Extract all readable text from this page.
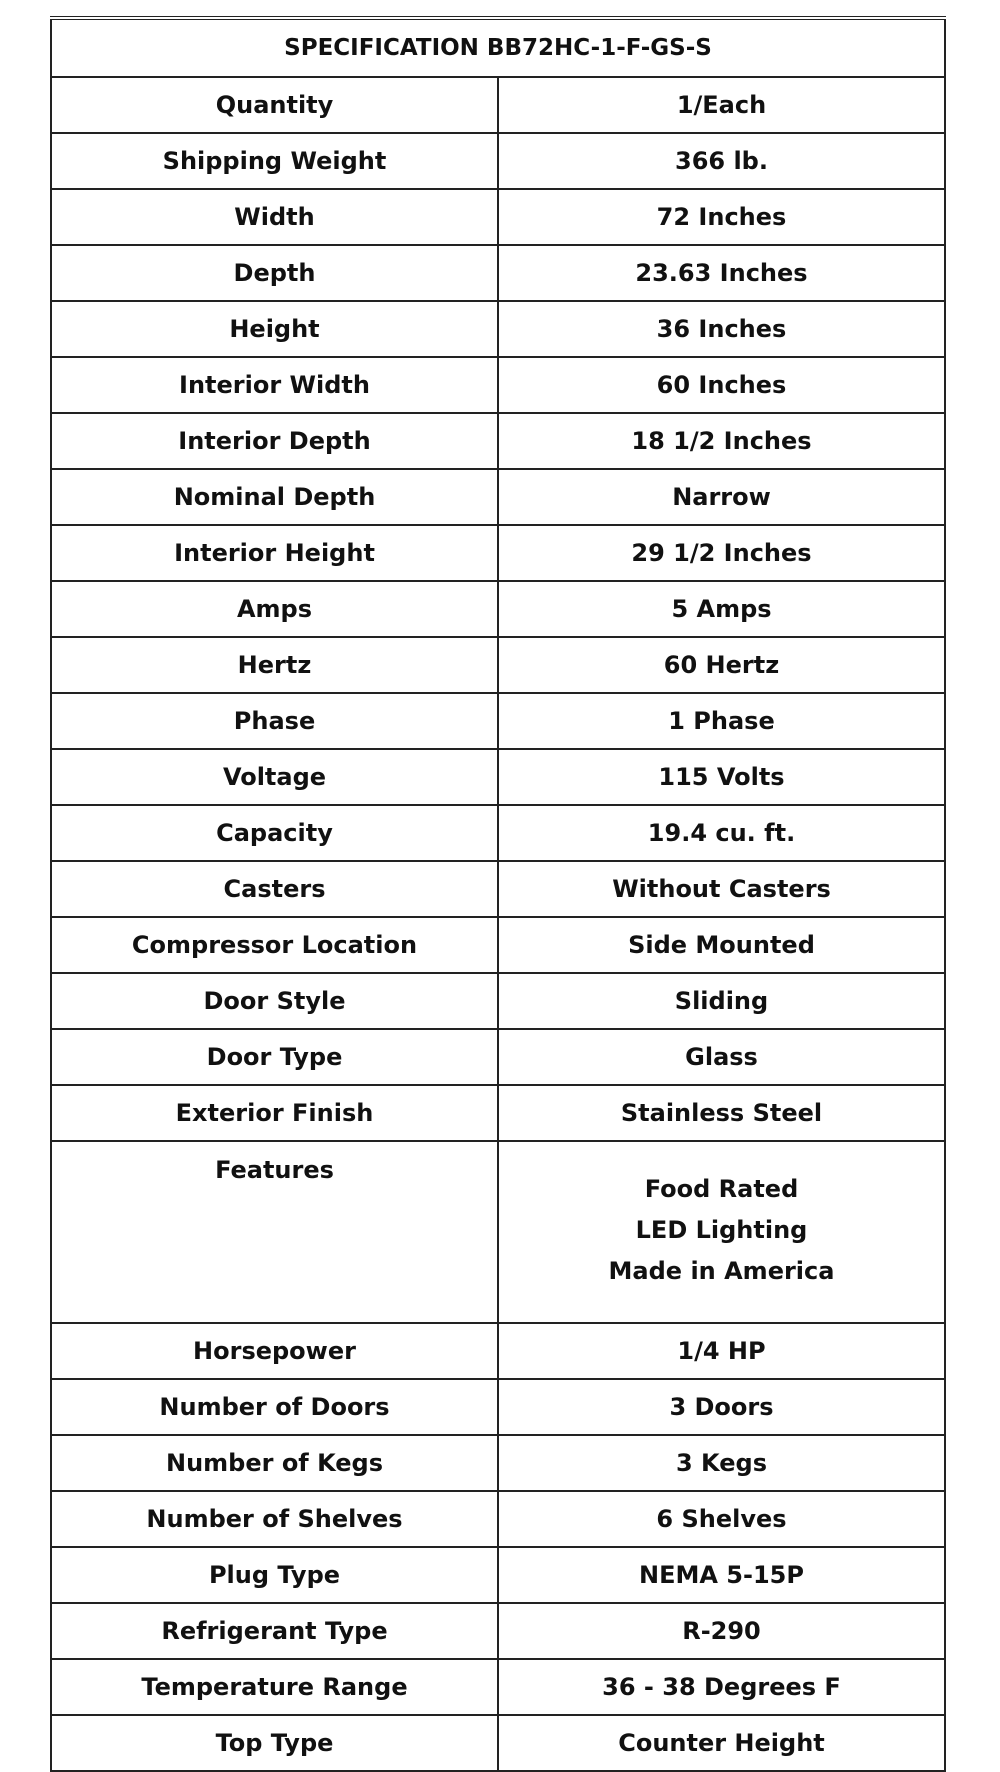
SPECIFICATION BB72HC-1-F-GS-S	
Quantity	1/Each
Shipping Weight	366 lb.
Width	72 Inches
Depth	23.63 Inches
Height	36 Inches
Interior Width	60 Inches
Interior Depth	18 1/2 Inches
Nominal Depth	Narrow
Interior Height	29 1/2 Inches
Amps	5 Amps
Hertz	60 Hertz
Phase	1 Phase
Voltage	115 Volts
Capacity	19.4 cu. ft.
Casters	Without Casters
Compressor Location	Side Mounted
Door Style	Sliding
Door Type	Glass
Exterior Finish	Stainless Steel
Features	Food Rated
LED Lighting
Made in America

Horsepower	1/4 HP
Number of Doors	3 Doors
Number of Kegs	3 Kegs
Number of Shelves	6 Shelves
Plug Type	NEMA 5-15P
Refrigerant Type	R-290
Temperature Range	36 - 38 Degrees F
Top Type	Counter Height
